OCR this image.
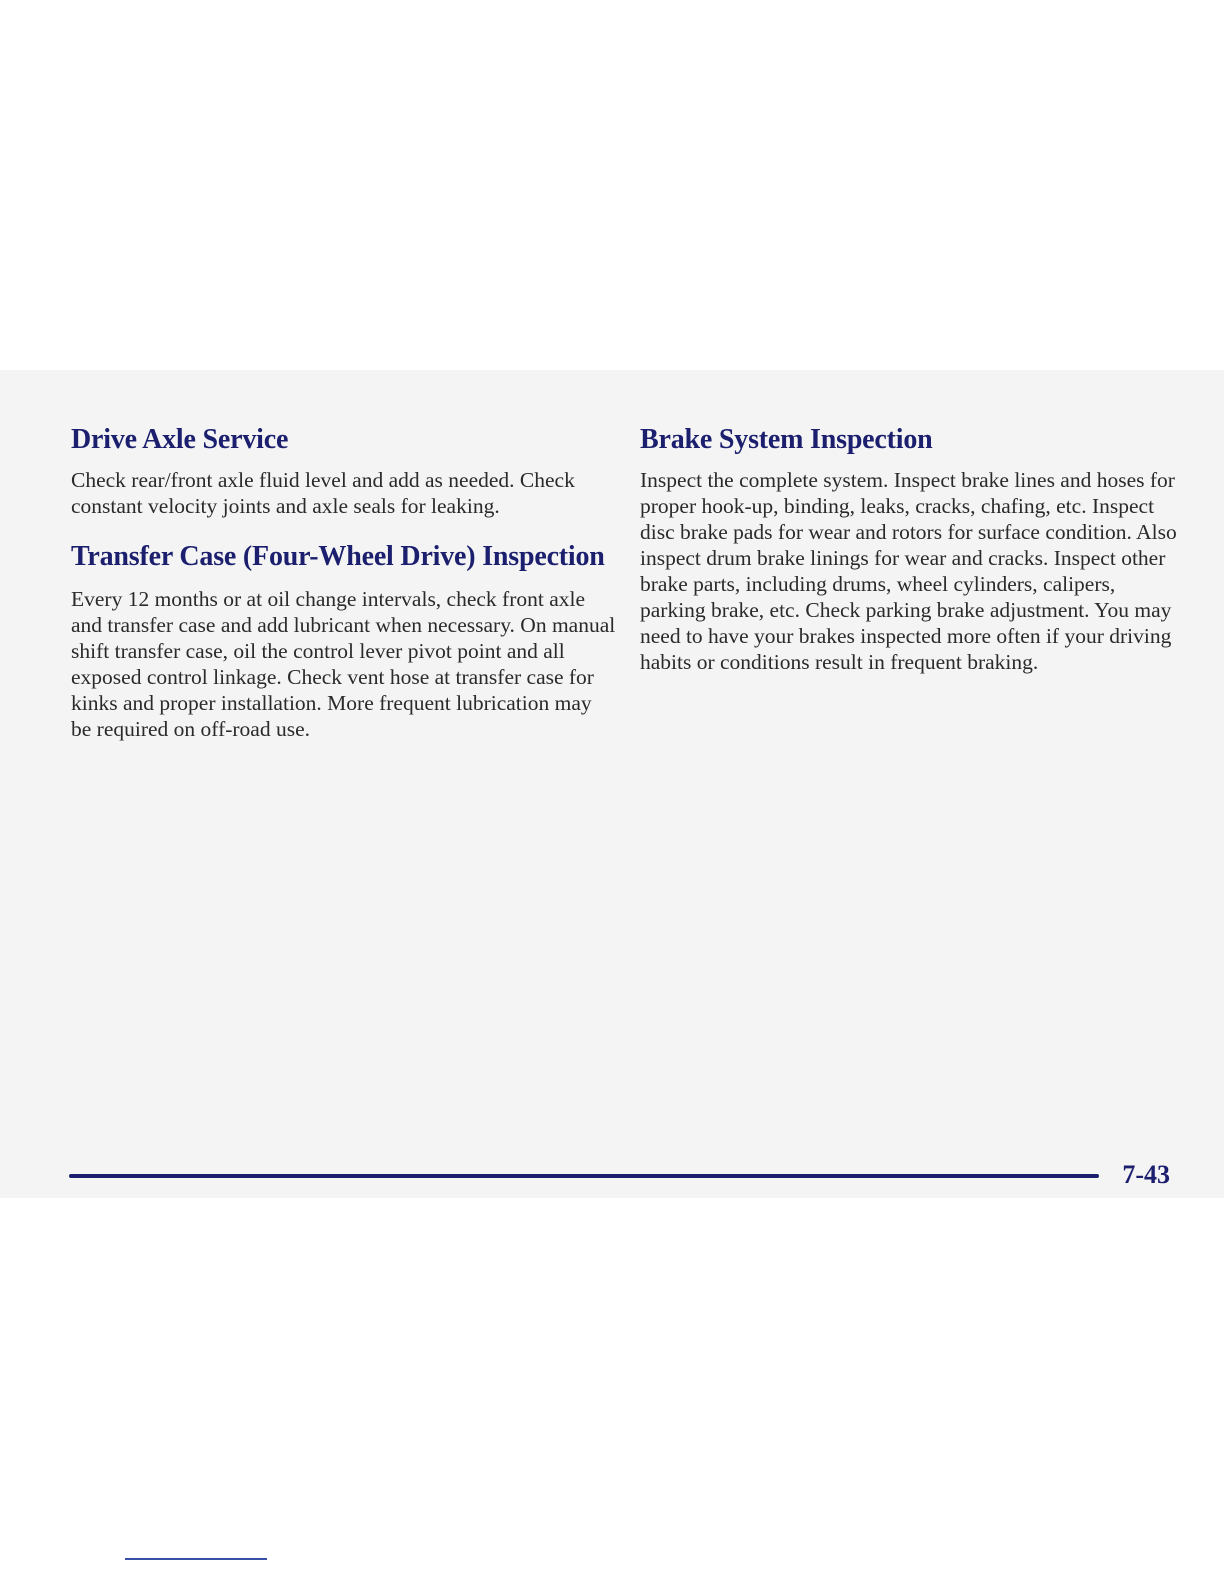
Drive Axle Service

Check rear/front axle fluid level and add as needed. Check constant velocity joints and axle seals for leaking.

Transfer Case (Four-Wheel Drive) Inspection

Every 12 months or at oil change intervals, check front axle and transfer case and add lubricant when necessary. On manual shift transfer case, oil the control lever pivot point and all exposed control linkage. Check vent hose at transfer case for kinks and proper installation. More frequent lubrication may be required on off-road use.

Brake System Inspection

Inspect the complete system. Inspect brake lines and hoses for proper hook-up, binding, leaks, cracks, chafing, etc. Inspect disc brake pads for wear and rotors for surface condition. Also inspect drum brake linings for wear and cracks. Inspect other brake parts, including drums, wheel cylinders, calipers, parking brake, etc. Check parking brake adjustment. You may need to have your brakes inspected more often if your driving habits or conditions result in frequent braking.

7-43
